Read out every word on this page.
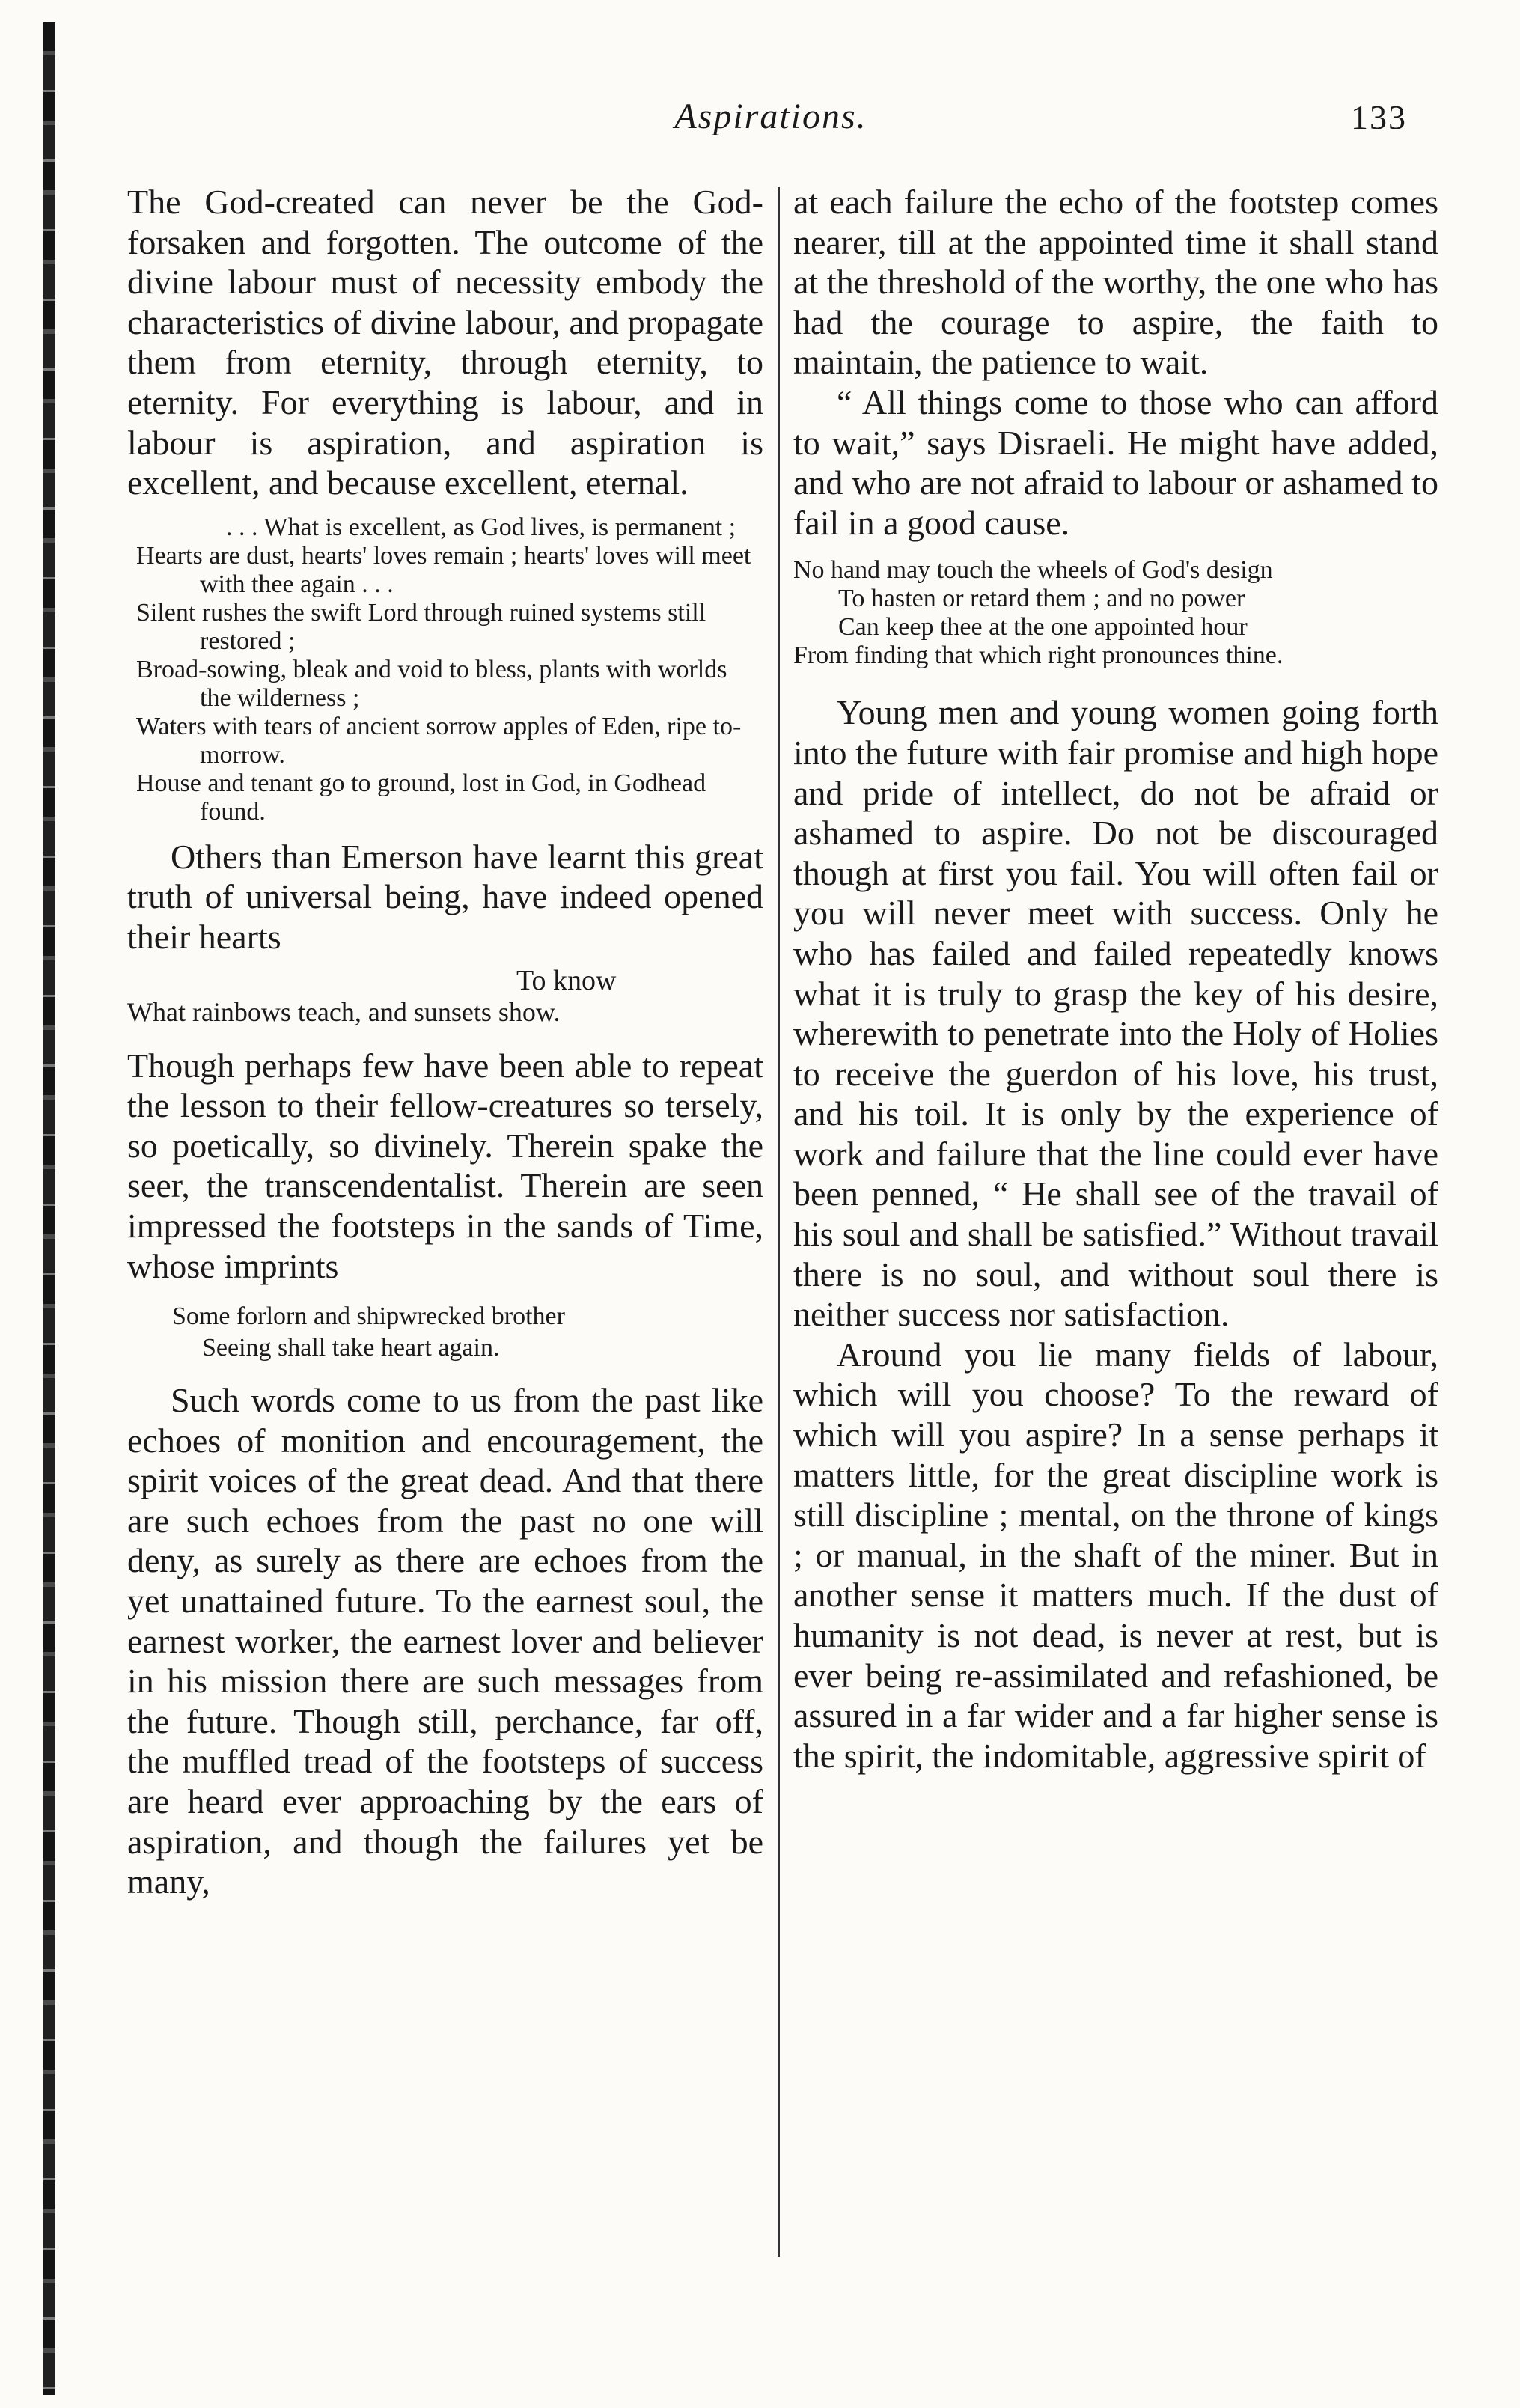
Aspirations.	133

The God-created can never be the God-forsaken and forgotten. The outcome of the divine labour must of necessity embody the characteristics of divine labour, and propagate them from eternity, through eternity, to eternity. For everything is labour, and in labour is aspiration, and aspiration is excellent, and because excellent, eternal.

. . . What is excellent, as God lives, is permanent ;

Hearts are dust, hearts' loves remain ; hearts' loves will meet with thee again . . .

Silent rushes the swift Lord through ruined systems still restored ;

Broad-sowing, bleak and void to bless, plants with worlds the wilderness ;

Waters with tears of ancient sorrow apples of Eden, ripe to-morrow.

House and tenant go to ground, lost in God, in Godhead found.

Others than Emerson have learnt this great truth of universal being, have indeed opened their hearts

To know

What rainbows teach, and sunsets show.

Though perhaps few have been able to repeat the lesson to their fellow-creatures so tersely, so poetically, so divinely. Therein spake the seer, the transcendentalist. Therein are seen impressed the footsteps in the sands of Time, whose imprints

Some forlorn and shipwrecked brother
Seeing shall take heart again.

Such words come to us from the past like echoes of monition and encouragement, the spirit voices of the great dead. And that there are such echoes from the past no one will deny, as surely as there are echoes from the yet unattained future. To the earnest soul, the earnest worker, the earnest lover and believer in his mission there are such messages from the future. Though still, perchance, far off, the muffled tread of the footsteps of success are heard ever approaching by the ears of aspiration, and though the failures yet be many,

at each failure the echo of the footstep comes nearer, till at the appointed time it shall stand at the threshold of the worthy, the one who has had the courage to aspire, the faith to maintain, the patience to wait.

“ All things come to those who can afford to wait,” says Disraeli. He might have added, and who are not afraid to labour or ashamed to fail in a good cause.

No hand may touch the wheels of God's design

To hasten or retard them ; and no power

Can keep thee at the one appointed hour

From finding that which right pronounces thine.

Young men and young women going forth into the future with fair promise and high hope and pride of intellect, do not be afraid or ashamed to aspire. Do not be discouraged though at first you fail. You will often fail or you will never meet with success. Only he who has failed and failed repeatedly knows what it is truly to grasp the key of his desire, wherewith to penetrate into the Holy of Holies to receive the guerdon of his love, his trust, and his toil. It is only by the experience of work and failure that the line could ever have been penned, “ He shall see of the travail of his soul and shall be satisfied.” Without travail there is no soul, and without soul there is neither success nor satisfaction.

Around you lie many fields of labour, which will you choose? To the reward of which will you aspire? In a sense perhaps it matters little, for the great discipline work is still discipline ; mental, on the throne of kings ; or manual, in the shaft of the miner. But in another sense it matters much. If the dust of humanity is not dead, is never at rest, but is ever being re-assimilated and refashioned, be assured in a far wider and a far higher sense is the spirit, the indomitable, aggressive spirit of
